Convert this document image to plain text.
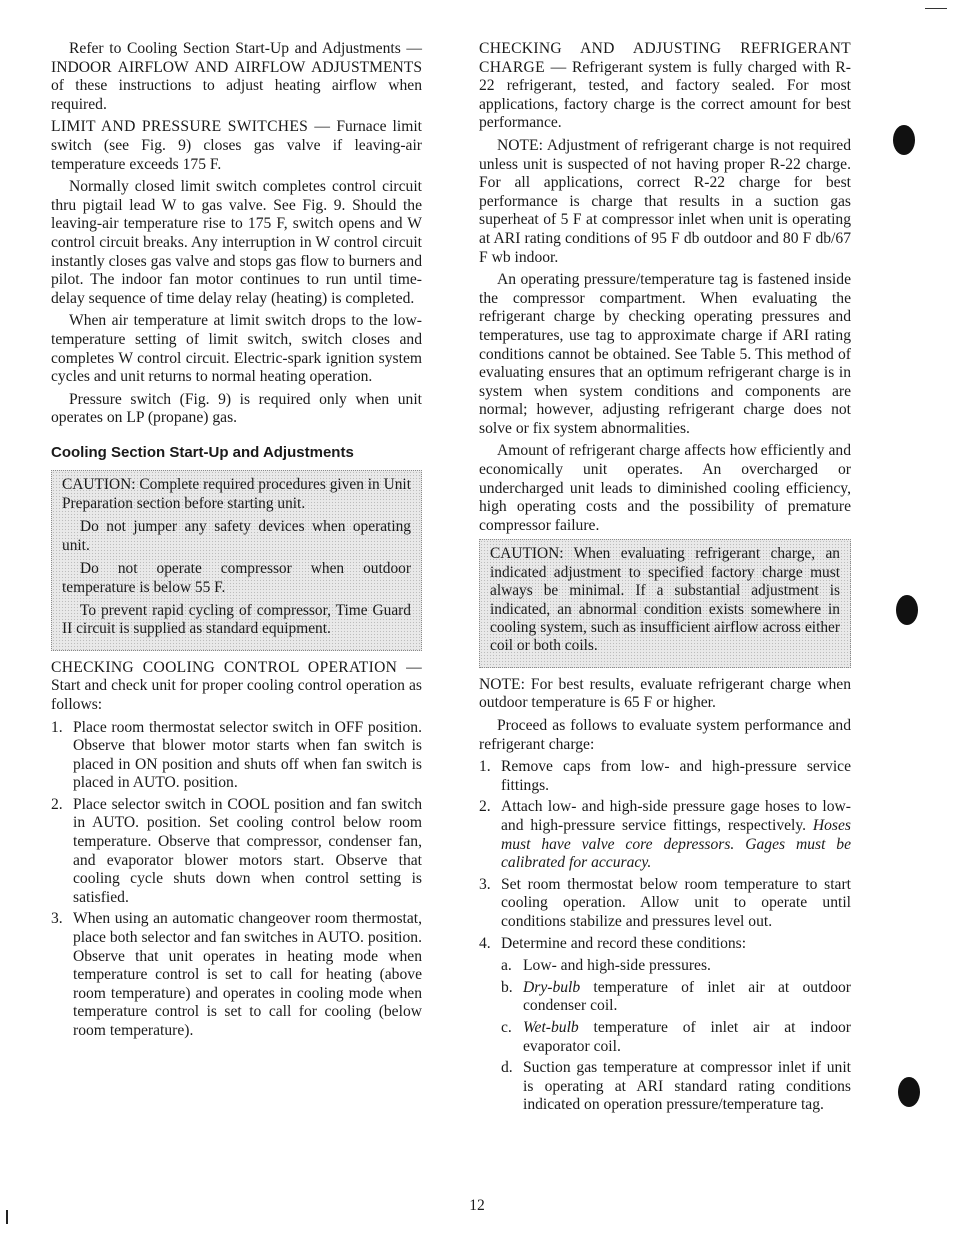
Refer to Cooling Section Start-Up and Adjustments — INDOOR AIRFLOW AND AIRFLOW ADJUSTMENTS of these instructions to adjust heating airflow when required.

LIMIT AND PRESSURE SWITCHES — Furnace limit switch (see Fig. 9) closes gas valve if leaving-air temperature exceeds 175 F.

Normally closed limit switch completes control circuit thru pigtail lead W to gas valve. See Fig. 9. Should the leaving-air temperature rise to 175 F, switch opens and W control circuit breaks. Any interruption in W control circuit instantly closes gas valve and stops gas flow to burners and pilot. The indoor fan motor continues to run until time-delay sequence of time delay relay (heating) is completed.

When air temperature at limit switch drops to the low-temperature setting of limit switch, switch closes and completes W control circuit. Electric-spark ignition system cycles and unit returns to normal heating operation.

Pressure switch (Fig. 9) is required only when unit operates on LP (propane) gas.

Cooling Section Start-Up and Adjustments

CAUTION: Complete required procedures given in Unit Preparation section before starting unit.

Do not jumper any safety devices when operating unit.

Do not operate compressor when outdoor temperature is below 55 F.

To prevent rapid cycling of compressor, Time Guard II circuit is supplied as standard equipment.

CHECKING COOLING CONTROL OPERATION — Start and check unit for proper cooling control operation as follows:

1. Place room thermostat selector switch in OFF position. Observe that blower motor starts when fan switch is placed in ON position and shuts off when fan switch is placed in AUTO. position.
2. Place selector switch in COOL position and fan switch in AUTO. position. Set cooling control below room temperature. Observe that compressor, condenser fan, and evaporator blower motors start. Observe that cooling cycle shuts down when control setting is satisfied.
3. When using an automatic changeover room thermostat, place both selector and fan switches in AUTO. position. Observe that unit operates in heating mode when temperature control is set to call for heating (above room temperature) and operates in cooling mode when temperature control is set to call for cooling (below room temperature).

CHECKING AND ADJUSTING REFRIGERANT CHARGE — Refrigerant system is fully charged with R-22 refrigerant, tested, and factory sealed. For most applications, factory charge is the correct amount for best performance.

NOTE: Adjustment of refrigerant charge is not required unless unit is suspected of not having proper R-22 charge. For all applications, correct R-22 charge for best performance is charge that results in a suction gas superheat of 5 F at compressor inlet when unit is operating at ARI rating conditions of 95 F db outdoor and 80 F db/67 F wb indoor.

An operating pressure/temperature tag is fastened inside the compressor compartment. When evaluating the refrigerant charge by checking operating pressures and temperatures, use tag to approximate charge if ARI rating conditions cannot be obtained. See Table 5. This method of evaluating ensures that an optimum refrigerant charge is in system when system conditions and components are normal; however, adjusting refrigerant charge does not solve or fix system abnormalities.

Amount of refrigerant charge affects how efficiently and economically unit operates. An overcharged or undercharged unit leads to diminished cooling efficiency, high operating costs and the possibility of premature compressor failure.

CAUTION: When evaluating refrigerant charge, an indicated adjustment to specified factory charge must always be minimal. If a substantial adjustment is indicated, an abnormal condition exists somewhere in cooling system, such as insufficient airflow across either coil or both coils.

NOTE: For best results, evaluate refrigerant charge when outdoor temperature is 65 F or higher.

Proceed as follows to evaluate system performance and refrigerant charge:

1. Remove caps from low- and high-pressure service fittings.
2. Attach low- and high-side pressure gage hoses to low- and high-pressure service fittings, respectively. Hoses must have valve core depressors. Gages must be calibrated for accuracy.
3. Set room thermostat below room temperature to start cooling operation. Allow unit to operate until conditions stabilize and pressures level out.
4. Determine and record these conditions:
a. Low- and high-side pressures.
b. Dry-bulb temperature of inlet air at outdoor condenser coil.
c. Wet-bulb temperature of inlet air at indoor evaporator coil.
d. Suction gas temperature at compressor inlet if unit is operating at ARI standard rating conditions indicated on operation pressure/temperature tag.
12
